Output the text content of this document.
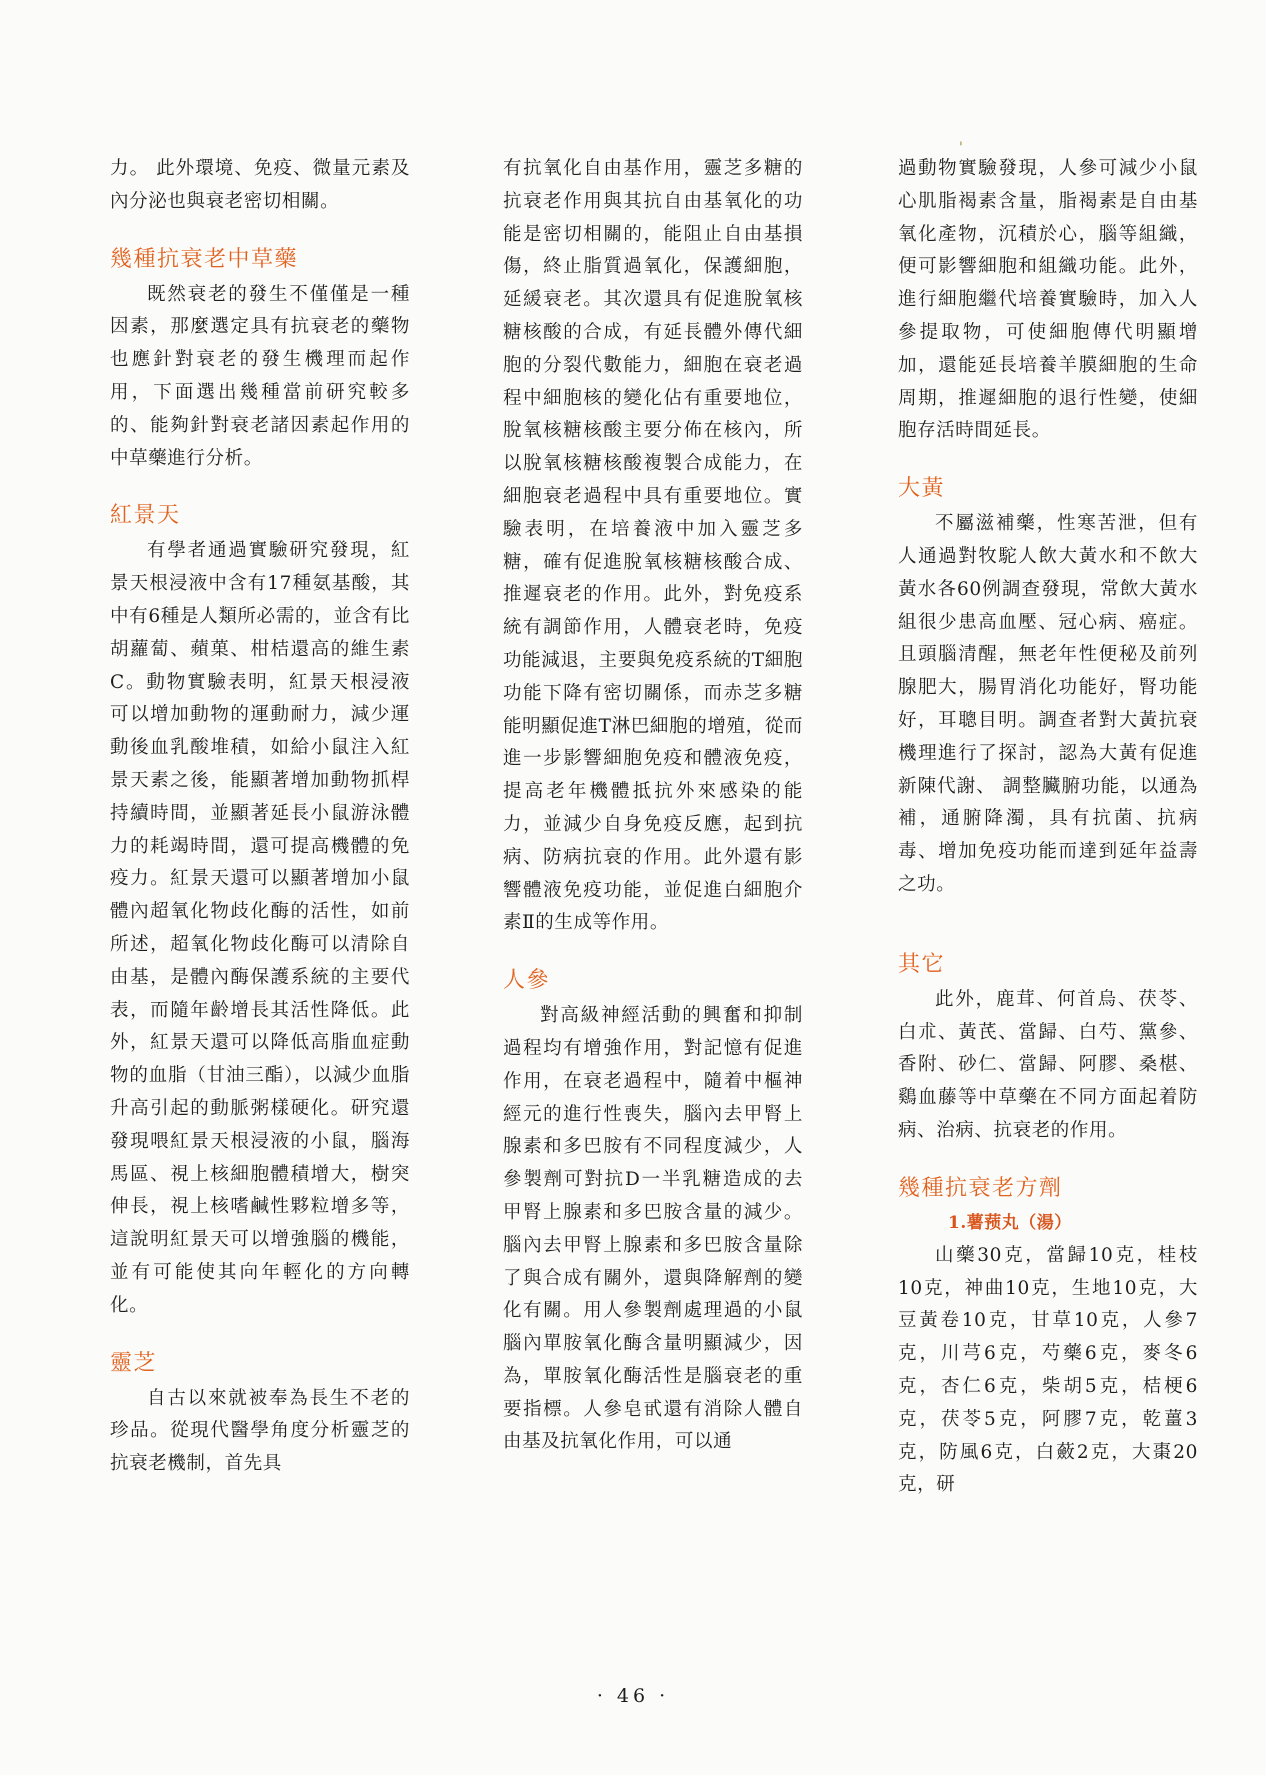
'

力。 此外環境、免疫、微量元素及內分泌也與衰老密切相關。

幾種抗衰老中草藥

既然衰老的發生不僅僅是一種因素，那麼選定具有抗衰老的藥物也應針對衰老的發生機理而起作用，下面選出幾種當前研究較多的、能夠針對衰老諸因素起作用的中草藥進行分析。

紅景天

有學者通過實驗研究發現，紅景天根浸液中含有17種氨基酸，其中有6種是人類所必需的，並含有比胡蘿蔔、蘋菓、柑桔還高的維生素C。動物實驗表明，紅景天根浸液可以增加動物的運動耐力，減少運動後血乳酸堆積，如給小鼠注入紅景天素之後，能顯著增加動物抓桿持續時間，並顯著延長小鼠游泳體力的耗竭時間，還可提高機體的免疫力。紅景天還可以顯著增加小鼠體內超氧化物歧化酶的活性，如前所述，超氧化物歧化酶可以清除自由基，是體內酶保護系統的主要代表，而隨年齡增長其活性降低。此外，紅景天還可以降低高脂血症動物的血脂（甘油三酯），以減少血脂升高引起的動脈粥樣硬化。研究還發現喂紅景天根浸液的小鼠，腦海馬區、視上核細胞體積增大，樹突伸長，視上核嗜鹹性夥粒增多等，這說明紅景天可以增強腦的機能，並有可能使其向年輕化的方向轉化。

靈芝

自古以來就被奉為長生不老的珍品。從現代醫學角度分析靈芝的抗衰老機制，首先具

有抗氧化自由基作用，靈芝多糖的抗衰老作用與其抗自由基氧化的功能是密切相關的，能阻止自由基損傷，終止脂質過氧化，保護細胞，延緩衰老。其次還具有促進脫氧核糖核酸的合成，有延長體外傳代細胞的分裂代數能力，細胞在衰老過程中細胞核的變化佔有重要地位，脫氧核糖核酸主要分佈在核內，所以脫氧核糖核酸複製合成能力，在細胞衰老過程中具有重要地位。實驗表明，在培養液中加入靈芝多糖，確有促進脫氧核糖核酸合成、推遲衰老的作用。此外，對免疫系統有調節作用，人體衰老時，免疫功能減退，主要與免疫系統的T細胞功能下降有密切關係，而赤芝多糖能明顯促進T淋巴細胞的增殖，從而進一步影響細胞免疫和體液免疫，提高老年機體抵抗外來感染的能力，並減少自身免疫反應，起到抗病、防病抗衰的作用。此外還有影響體液免疫功能，並促進白細胞介素Ⅱ的生成等作用。

人參

對高級神經活動的興奮和抑制過程均有增強作用，對記憶有促進作用，在衰老過程中，隨着中樞神經元的進行性喪失，腦內去甲腎上腺素和多巴胺有不同程度減少，人參製劑可對抗D一半乳糖造成的去甲腎上腺素和多巴胺含量的減少。腦內去甲腎上腺素和多巴胺含量除了與合成有關外，還與降解劑的變化有關。用人參製劑處理過的小鼠腦內單胺氧化酶含量明顯減少，因為，單胺氧化酶活性是腦衰老的重要指標。人參皂甙還有消除人體自由基及抗氧化作用，可以通

過動物實驗發現，人參可減少小鼠心肌脂褐素含量，脂褐素是自由基氧化產物，沉積於心，腦等組織，便可影響細胞和組織功能。此外，進行細胞繼代培養實驗時，加入人參提取物，可使細胞傳代明顯增加，還能延長培養羊膜細胞的生命周期，推遲細胞的退行性變，使細胞存活時間延長。

大黃

不屬滋補藥，性寒苦泄，但有人通過對牧駝人飲大黃水和不飲大黃水各60例調查發現，常飲大黃水組很少患高血壓、冠心病、癌症。且頭腦清醒，無老年性便秘及前列腺肥大，腸胃消化功能好，腎功能好，耳聰目明。調查者對大黃抗衰機理進行了探討，認為大黃有促進新陳代謝、 調整臟腑功能，以通為補，通腑降濁，具有抗菌、抗病毒、增加免疫功能而達到延年益壽之功。

其它

此外，鹿茸、何首烏、茯苓、白朮、黃芪、當歸、白芍、黨參、香附、砂仁、當歸、阿膠、桑椹、鷄血藤等中草藥在不同方面起着防病、治病、抗衰老的作用。

幾種抗衰老方劑
1.薯蓣丸（湯）

山藥30克，當歸10克，桂枝10克，神曲10克，生地10克，大豆黃卷10克，甘草10克，人參7克，川芎6克，芍藥6克，麥冬6克，杏仁6克，柴胡5克，桔梗6克，茯苓5克，阿膠7克，乾薑3克，防風6克，白蘞2克，大棗20克，研

· 46 ·
